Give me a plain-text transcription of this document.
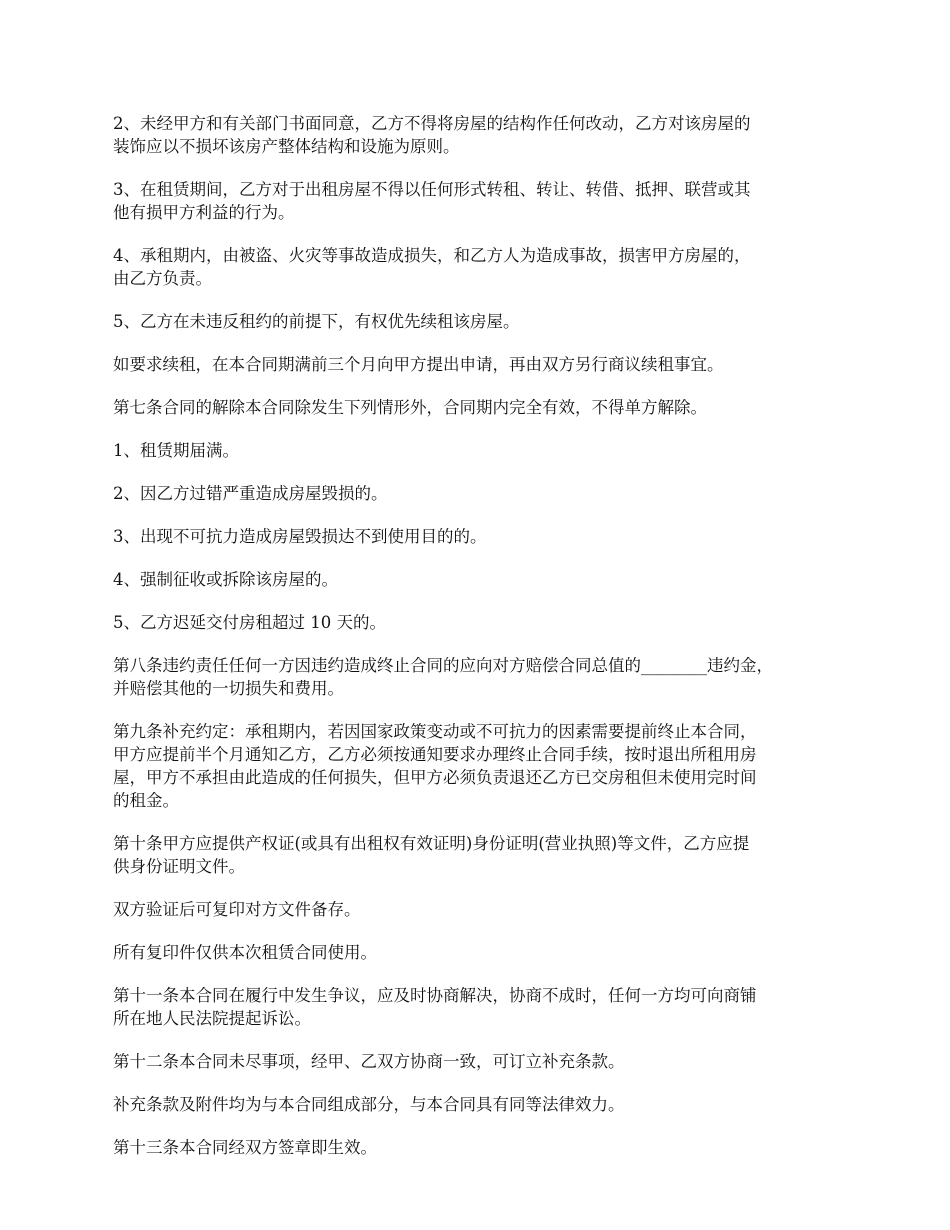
2、未经甲方和有关部门书面同意，乙方不得将房屋的结构作任何改动，乙方对该房屋的
装饰应以不损坏该房产整体结构和设施为原则。

3、在租赁期间，乙方对于出租房屋不得以任何形式转租、转让、转借、抵押、联营或其
他有损甲方利益的行为。

4、承租期内，由被盗、火灾等事故造成损失，和乙方人为造成事故，损害甲方房屋的，
由乙方负责。

5、乙方在未违反租约的前提下，有权优先续租该房屋。

如要求续租，在本合同期满前三个月向甲方提出申请，再由双方另行商议续租事宜。

第七条合同的解除本合同除发生下列情形外，合同期内完全有效，不得单方解除。

1、租赁期届满。

2、因乙方过错严重造成房屋毁损的。

3、出现不可抗力造成房屋毁损达不到使用目的的。

4、强制征收或拆除该房屋的。

5、乙方迟延交付房租超过 10 天的。

第八条违约责任任何一方因违约造成终止合同的应向对方赔偿合同总值的________违约金，
并赔偿其他的一切损失和费用。

第九条补充约定：承租期内，若因国家政策变动或不可抗力的因素需要提前终止本合同，
甲方应提前半个月通知乙方，乙方必须按通知要求办理终止合同手续，按时退出所租用房
屋，甲方不承担由此造成的任何损失，但甲方必须负责退还乙方已交房租但未使用完时间
的租金。

第十条甲方应提供产权证(或具有出租权有效证明)身份证明(营业执照)等文件，乙方应提
供身份证明文件。

双方验证后可复印对方文件备存。

所有复印件仅供本次租赁合同使用。

第十一条本合同在履行中发生争议，应及时协商解决，协商不成时，任何一方均可向商铺
所在地人民法院提起诉讼。

第十二条本合同未尽事项，经甲、乙双方协商一致，可订立补充条款。

补充条款及附件均为与本合同组成部分，与本合同具有同等法律效力。

第十三条本合同经双方签章即生效。
